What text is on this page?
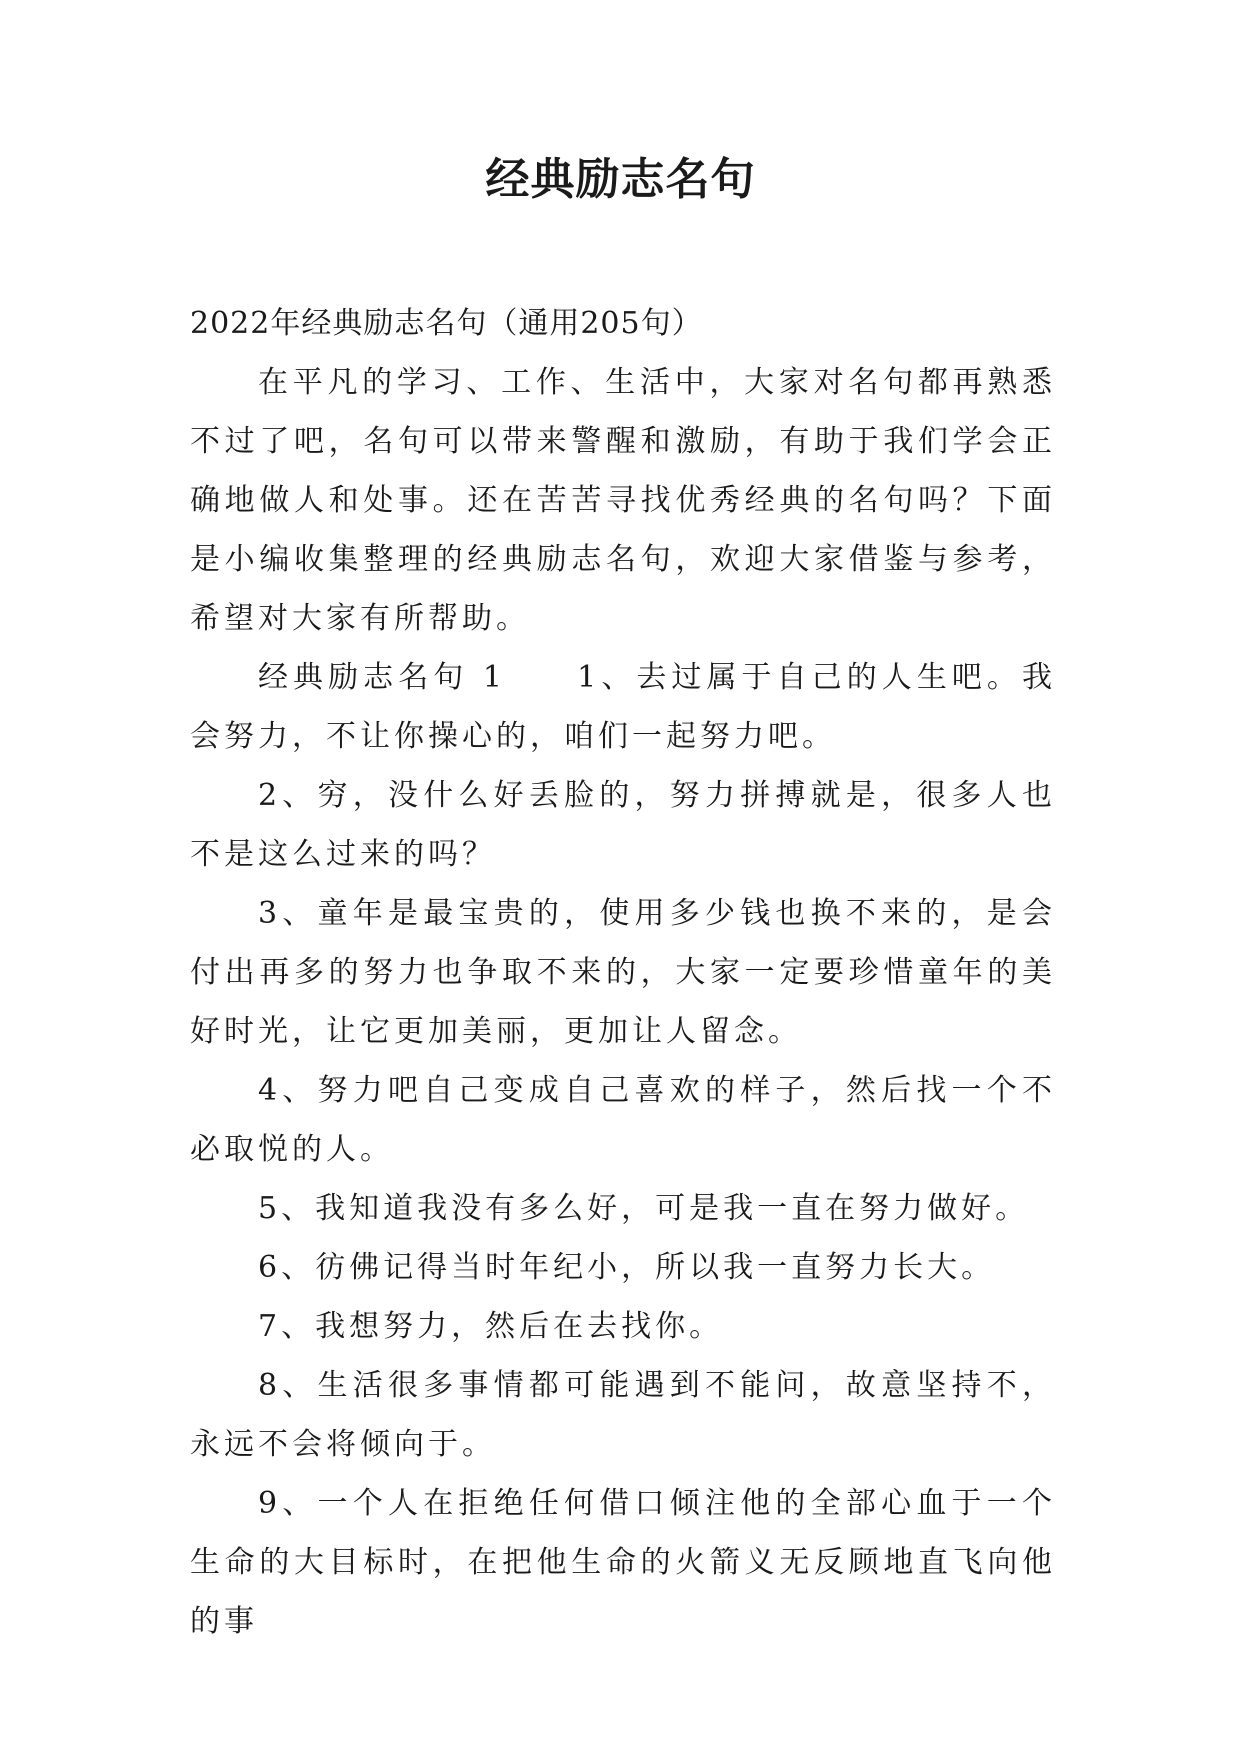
经典励志名句

2022年经典励志名句（通用205句）

在平凡的学习、工作、生活中，大家对名句都再熟悉不过了吧，名句可以带来警醒和激励，有助于我们学会正确地做人和处事。还在苦苦寻找优秀经典的名句吗？下面是小编收集整理的经典励志名句，欢迎大家借鉴与参考，希望对大家有所帮助。

经典励志名句 1　　1、去过属于自己的人生吧。我会努力，不让你操心的，咱们一起努力吧。

2、穷，没什么好丢脸的，努力拼搏就是，很多人也不是这么过来的吗？

3、童年是最宝贵的，使用多少钱也换不来的，是会付出再多的努力也争取不来的，大家一定要珍惜童年的美好时光，让它更加美丽，更加让人留念。

4、努力吧自己变成自己喜欢的样子，然后找一个不必取悦的人。

5、我知道我没有多么好，可是我一直在努力做好。

6、彷佛记得当时年纪小，所以我一直努力长大。

7、我想努力，然后在去找你。

8、生活很多事情都可能遇到不能问，故意坚持不，永远不会将倾向于。

9、一个人在拒绝任何借口倾注他的全部心血于一个生命的大目标时，在把他生命的火箭义无反顾地直飞向他的事
